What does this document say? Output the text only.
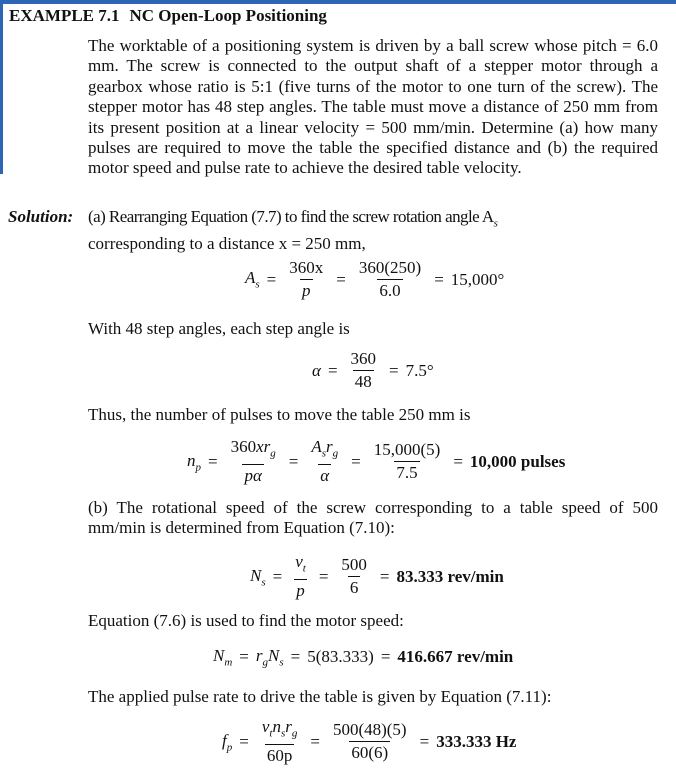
EXAMPLE 7.1 NC Open-Loop Positioning
The worktable of a positioning system is driven by a ball screw whose pitch = 6.0 mm. The screw is connected to the output shaft of a stepper motor through a gearbox whose ratio is 5:1 (five turns of the motor to one turn of the screw). The stepper motor has 48 step angles. The table must move a distance of 250 mm from its present position at a linear velocity = 500 mm/min. Determine (a) how many pulses are required to move the table the specified distance and (b) the required motor speed and pulse rate to achieve the desired table velocity.
Solution: (a) Rearranging Equation (7.7) to find the screw rotation angle $A_s$
corresponding to a distance x = 250 mm,
$A_s = \frac{360x}{p} = \frac{360(250)}{6.0} = 15,000^\circ$
With 48 step angles, each step angle is
$\alpha = \frac{360}{48} = 7.5^\circ$
Thus, the number of pulses to move the table 250 mm is
$n_p = \frac{360xr_g}{p\alpha} = \frac{A_sr_g}{\alpha} = \frac{15,000(5)}{7.5} = 10,000$ pulses
(b) The rotational speed of the screw corresponding to a table speed of 500 mm/min is determined from Equation (7.10):
$N_s = \frac{v_t}{p} = \frac{500}{6} = 83.333$ rev/min
Equation (7.6) is used to find the motor speed:
$N_m = r_gN_s = 5(83.333) = 416.667$ rev/min
The applied pulse rate to drive the table is given by Equation (7.11):
$f_p = \frac{v_tn_sr_g}{60p} = \frac{500(48)(5)}{60(6)} = 333.333$ Hz
